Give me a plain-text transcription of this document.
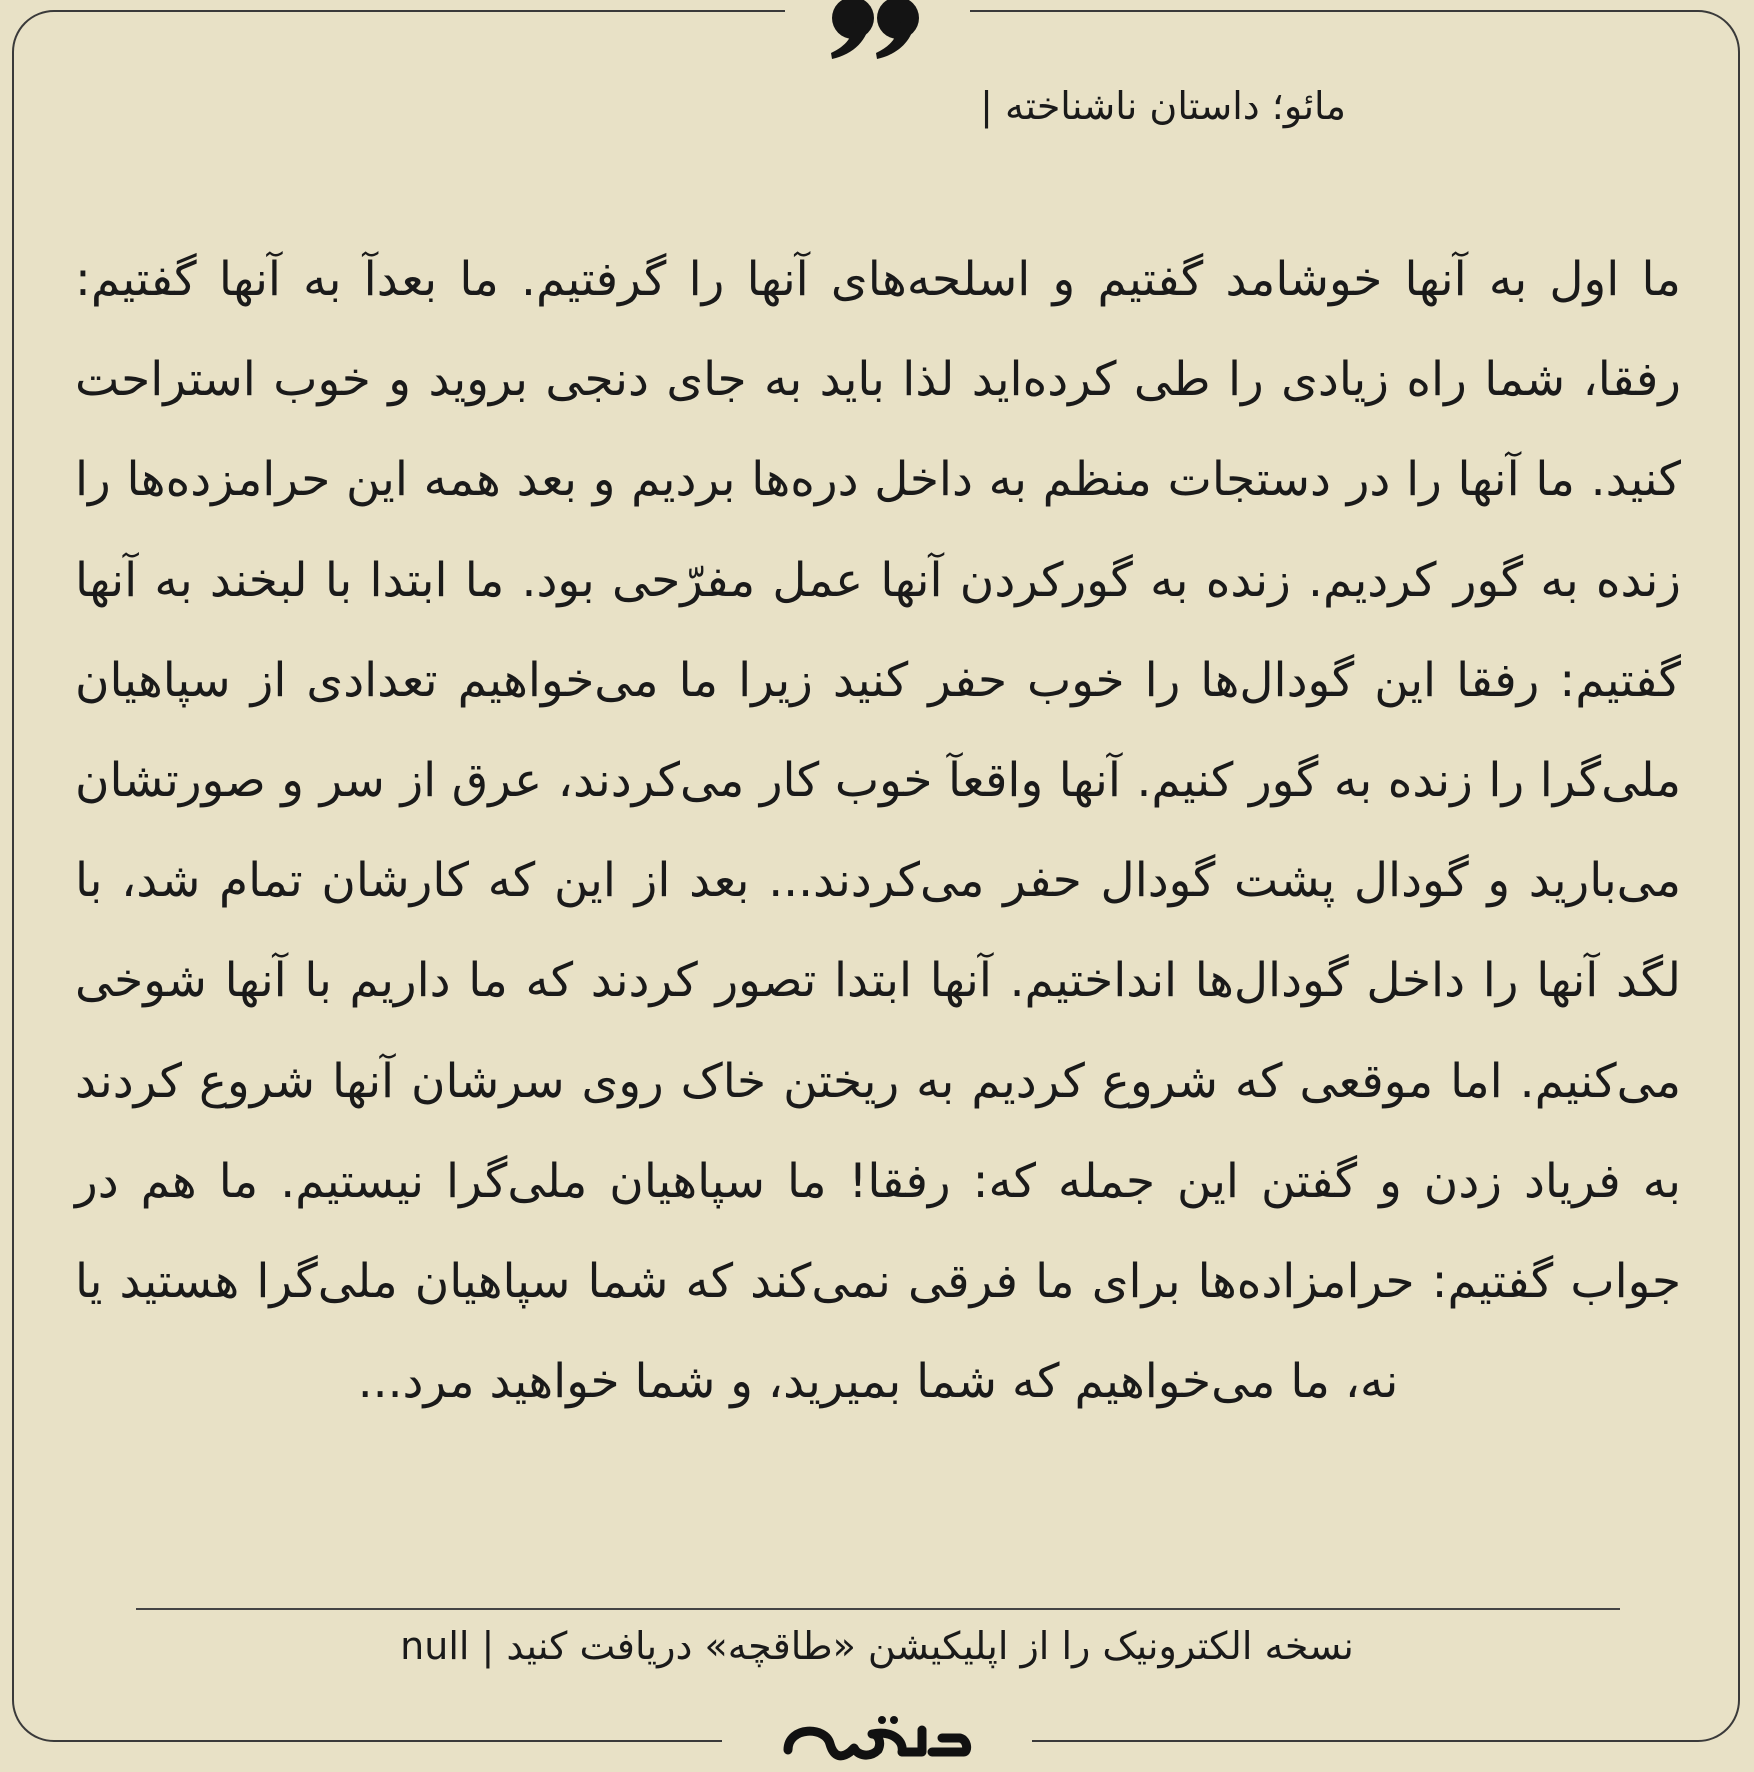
مائو؛ داستان ناشناخته |

ما اول به آنها خوشامد گفتیم و اسلحه‌های آنها را گرفتیم. ما بعدآ به آنها گفتیم: رفقا، شما راه زیادی را طی کرده‌اید لذا باید به جای دنجی بروید و خوب استراحت کنید. ما آنها را در دستجات منظم به داخل دره‌ها بردیم و بعد همه این حرامزده‌ها را زنده به گور کردیم. زنده به گورکردن آنها عمل مفرّحی بود. ما ابتدا با لبخند به آنها گفتیم: رفقا این گودال‌ها را خوب حفر کنید زیرا ما می‌خواهیم تعدادی از سپاهیان ملی‌گرا را زنده به گور کنیم. آنها واقعآ خوب کار می‌کردند، عرق از سر و صورتشان می‌بارید و گودال پشت گودال حفر می‌کردند... بعد از این که کارشان تمام شد، با لگد آنها را داخل گودال‌ها انداختیم. آنها ابتدا تصور کردند که ما داریم با آنها شوخی می‌کنیم. اما موقعی که شروع کردیم به ریختن خاک روی سرشان آنها شروع کردند به فریاد زدن و گفتن این جمله که: رفقا! ما سپاهیان ملی‌گرا نیستیم. ما هم در جواب گفتیم: حرامزاده‌ها برای ما فرقی نمی‌کند که شما سپاهیان ملی‌گرا هستید یا نه، ما می‌خواهیم که شما بمیرید، و شما خواهید مرد...

نسخه الکترونیک را از اپلیکیشن «طاقچه» دریافت کنید | null
